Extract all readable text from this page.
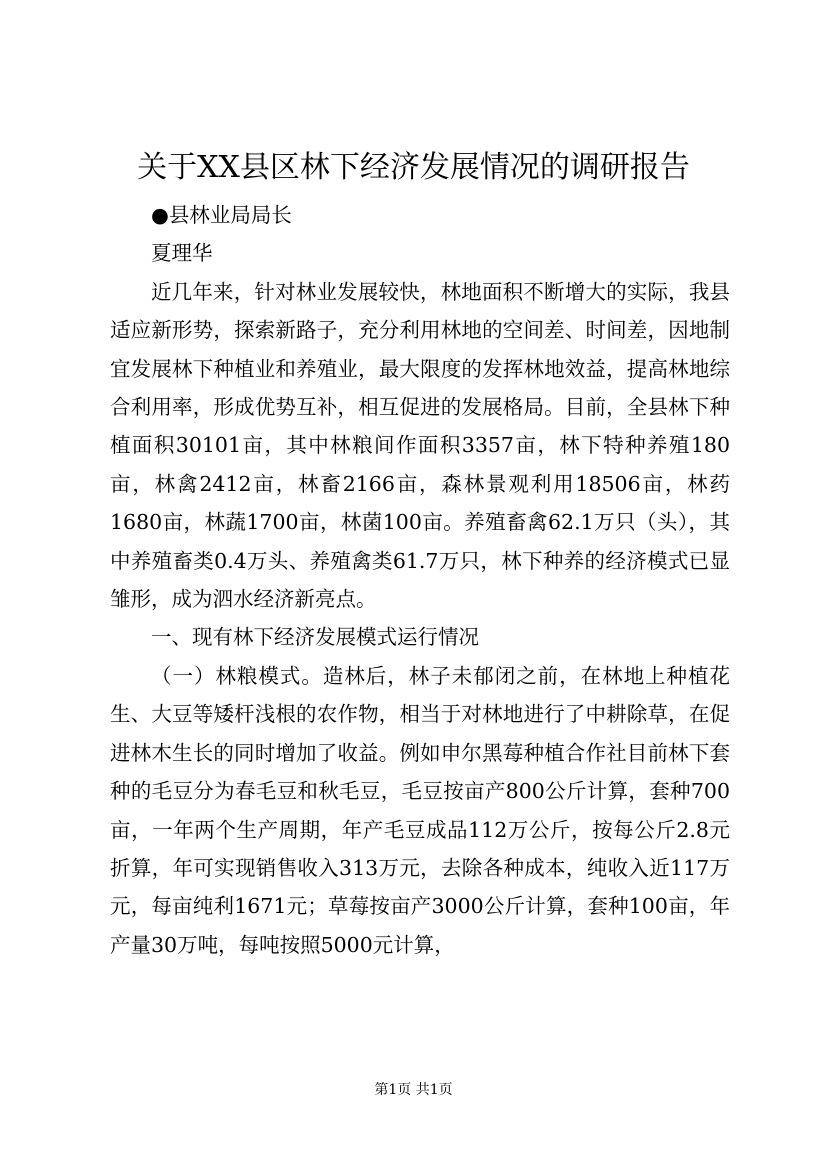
关于XX县区林下经济发展情况的调研报告

●县林业局局长

夏理华

近几年来，针对林业发展较快，林地面积不断增大的实际，我县适应新形势，探索新路子，充分利用林地的空间差、时间差，因地制宜发展林下种植业和养殖业，最大限度的发挥林地效益，提高林地综合利用率，形成优势互补，相互促进的发展格局。目前，全县林下种植面积30101亩，其中林粮间作面积3357亩，林下特种养殖180亩，林禽2412亩，林畜2166亩，森林景观利用18506亩，林药1680亩，林蔬1700亩，林菌100亩。养殖畜禽62.1万只（头），其中养殖畜类0.4万头、养殖禽类61.7万只，林下种养的经济模式已显雏形，成为泗水经济新亮点。

一、现有林下经济发展模式运行情况

（一）林粮模式。造林后，林子未郁闭之前，在林地上种植花生、大豆等矮杆浅根的农作物，相当于对林地进行了中耕除草，在促进林木生长的同时增加了收益。例如申尔黑莓种植合作社目前林下套种的毛豆分为春毛豆和秋毛豆，毛豆按亩产800公斤计算，套种700亩，一年两个生产周期，年产毛豆成品112万公斤，按每公斤2.8元折算，年可实现销售收入313万元，去除各种成本，纯收入近117万元，每亩纯利1671元；草莓按亩产3000公斤计算，套种100亩，年产量30万吨，每吨按照5000元计算，

第1页 共1页
